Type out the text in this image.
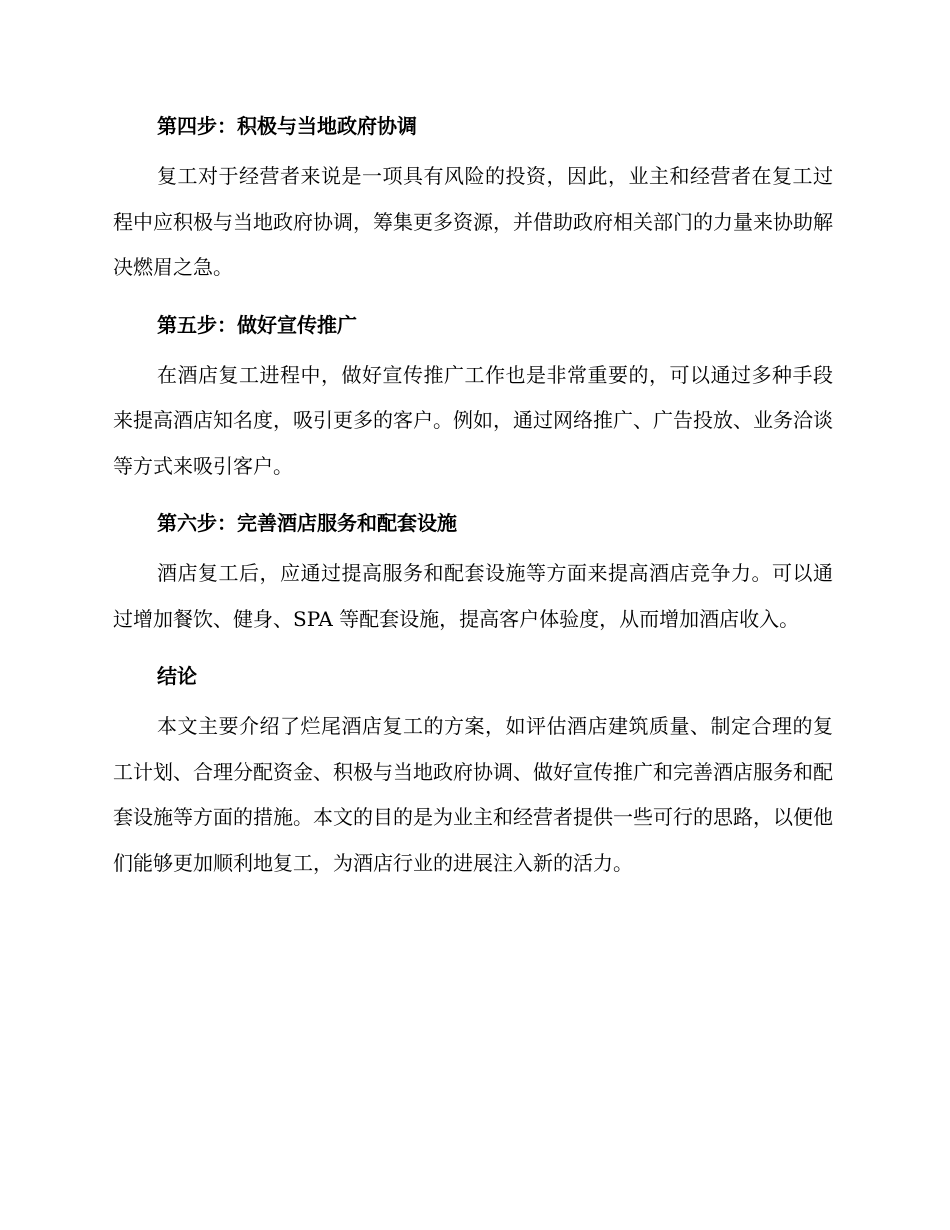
第四步：积极与当地政府协调

复工对于经营者来说是一项具有风险的投资，因此，业主和经营者在复工过程中应积极与当地政府协调，筹集更多资源，并借助政府相关部门的力量来协助解决燃眉之急。

第五步：做好宣传推广

在酒店复工进程中，做好宣传推广工作也是非常重要的，可以通过多种手段来提高酒店知名度，吸引更多的客户。例如，通过网络推广、广告投放、业务洽谈等方式来吸引客户。

第六步：完善酒店服务和配套设施

酒店复工后，应通过提高服务和配套设施等方面来提高酒店竞争力。可以通过增加餐饮、健身、SPA 等配套设施，提高客户体验度，从而增加酒店收入。

结论

本文主要介绍了烂尾酒店复工的方案，如评估酒店建筑质量、制定合理的复工计划、合理分配资金、积极与当地政府协调、做好宣传推广和完善酒店服务和配套设施等方面的措施。本文的目的是为业主和经营者提供一些可行的思路，以便他们能够更加顺利地复工，为酒店行业的进展注入新的活力。
